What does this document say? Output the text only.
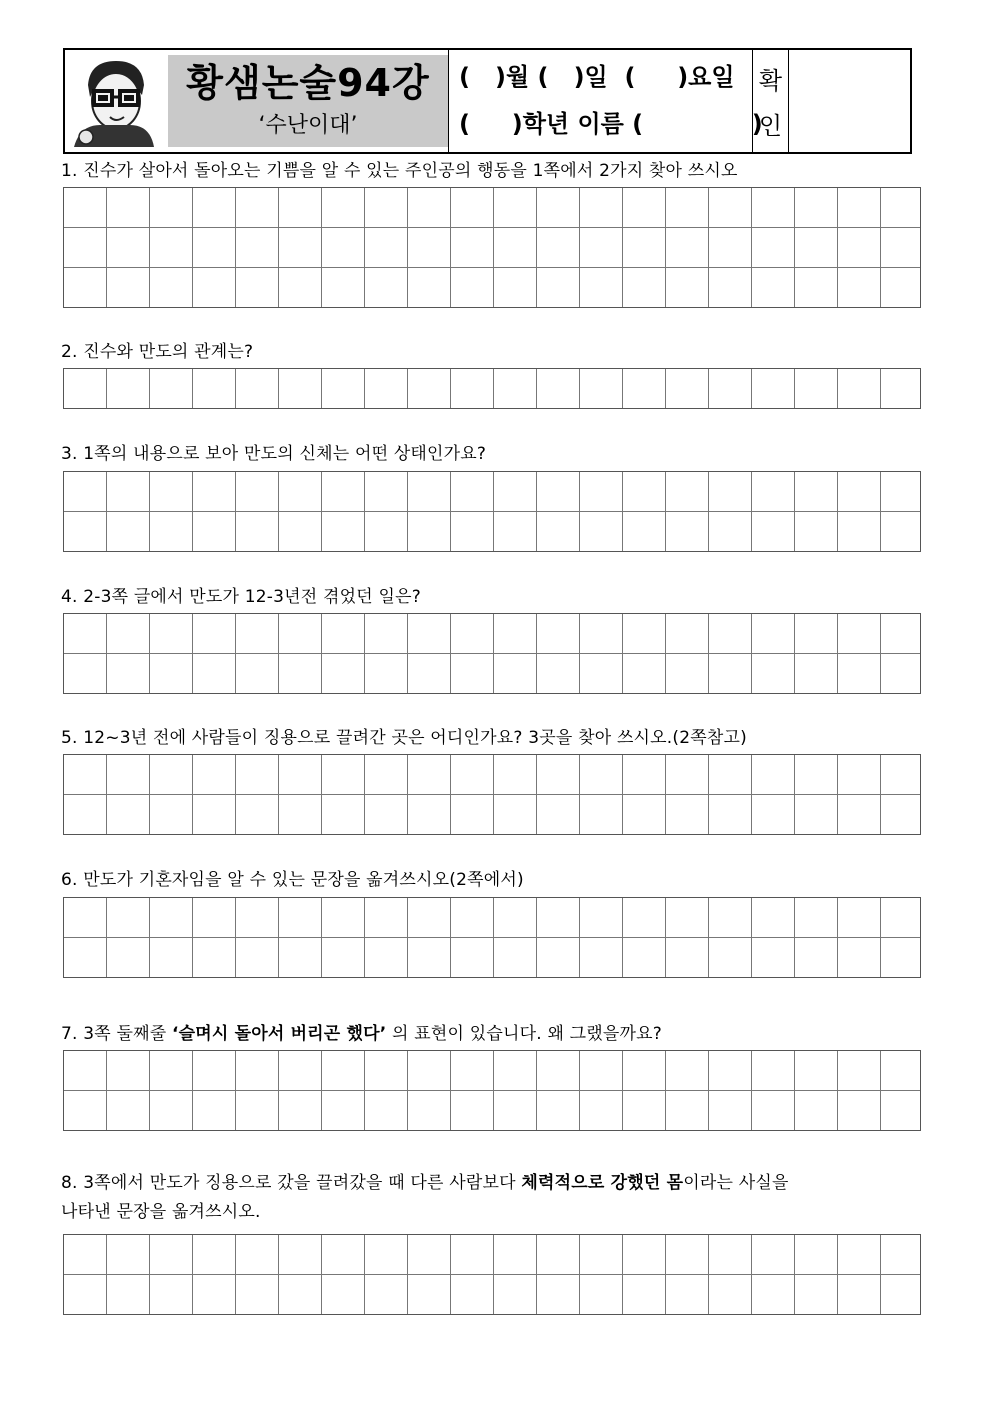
황샘논술94강
‘수난이대’
(   )월 (   )일  (     )요일
(     )학년 이름 (             )
확
인
1. 진수가 살아서 돌아오는 기쁨을 알 수 있는 주인공의 행동을 1쪽에서 2가지 찾아 쓰시오
2. 진수와 만도의 관계는?
3. 1쪽의 내용으로 보아 만도의 신체는 어떤 상태인가요?
4. 2-3쪽 글에서 만도가 12-3년전 겪었던 일은?
5. 12~3년 전에 사람들이 징용으로 끌려간 곳은 어디인가요? 3곳을 찾아 쓰시오.(2쪽참고)
6. 만도가 기혼자임을 알 수 있는 문장을 옮겨쓰시오(2쪽에서)
7. 3쪽 둘째줄 ‘슬며시 돌아서 버리곤 했다’ 의 표현이 있습니다. 왜 그랬을까요?
8. 3쪽에서 만도가 징용으로 갔을 끌려갔을 때 다른 사람보다 체력적으로 강했던 몸이라는 사실을
나타낸 문장을 옮겨쓰시오.
